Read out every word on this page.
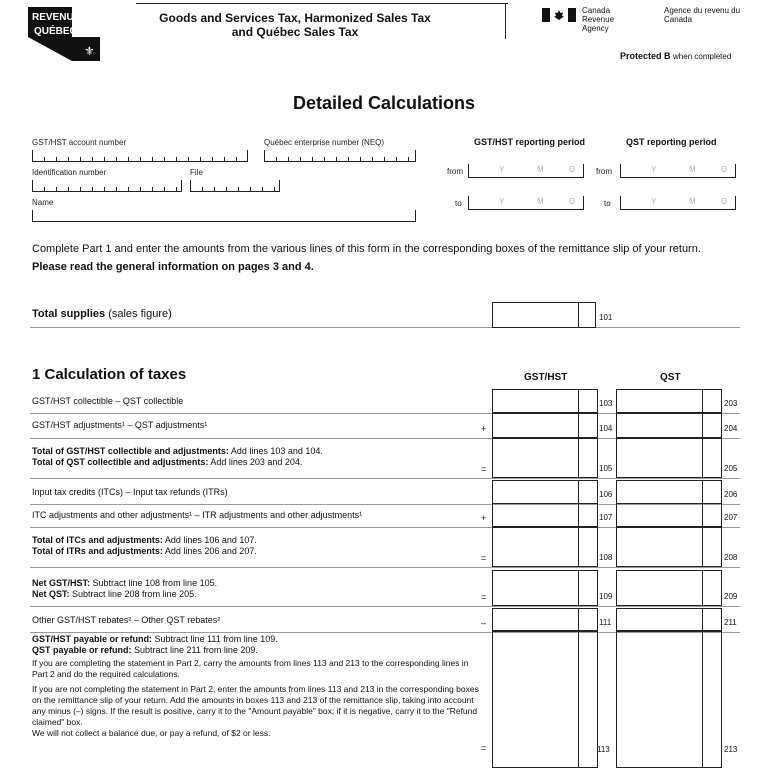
REVENU
QUÉBEC
⚜
Goods and Services Tax, Harmonized Sales Tax
and Québec Sales Tax
Canada Revenue Agency
Agence du revenu du Canada
Protected B when completed
Detailed Calculations
GST/HST account number	Québec enterprise number (NEQ)
Identification number	File
Name
GST/HST reporting period	QST reporting period
from	Y	M	D	from	Y	M	D
to	Y	M	D	to	Y	M	D
Complete Part 1 and enter the amounts from the various lines of this form in the corresponding boxes of the remittance slip of your return.
Please read the general information on pages 3 and 4.
Total supplies (sales figure)	101
1 Calculation of taxes	GST/HST	QST
GST/HST collectible – QST collectible	103	203
GST/HST adjustments¹ – QST adjustments¹	+	104	204
Total of GST/HST collectible and adjustments: Add lines 103 and 104.
Total of QST collectible and adjustments: Add lines 203 and 204.
=	105	205
Input tax credits (ITCs) – Input tax refunds (ITRs)	106	206
ITC adjustments and other adjustments¹ – ITR adjustments and other adjustments¹	+	107	207
Total of ITCs and adjustments: Add lines 106 and 107.
Total of ITRs and adjustments: Add lines 206 and 207.
=	108	208
Net GST/HST: Subtract line 108 from line 105.
Net QST: Subtract line 208 from line 205.	=	109	209
Other GST/HST rebates² – Other QST rebates²	–	111	211
GST/HST payable or refund: Subtract line 111 from line 109.
QST payable or refund: Subtract line 211 from line 209.
If you are completing the statement in Part 2, carry the amounts from lines 113 and 213 to the corresponding lines in Part 2 and do the required calculations.
If you are not completing the statement in Part 2, enter the amounts from lines 113 and 213 in the corresponding boxes on the remittance slip of your return. Add the amounts in boxes 113 and 213 of the remittance slip, taking into account any minus (–) signs. If the result is positive, carry it to the "Amount payable" box; if it is negative, carry it to the "Refund claimed" box.
We will not collect a balance due, or pay a refund, of $2 or less.
=	113	213
